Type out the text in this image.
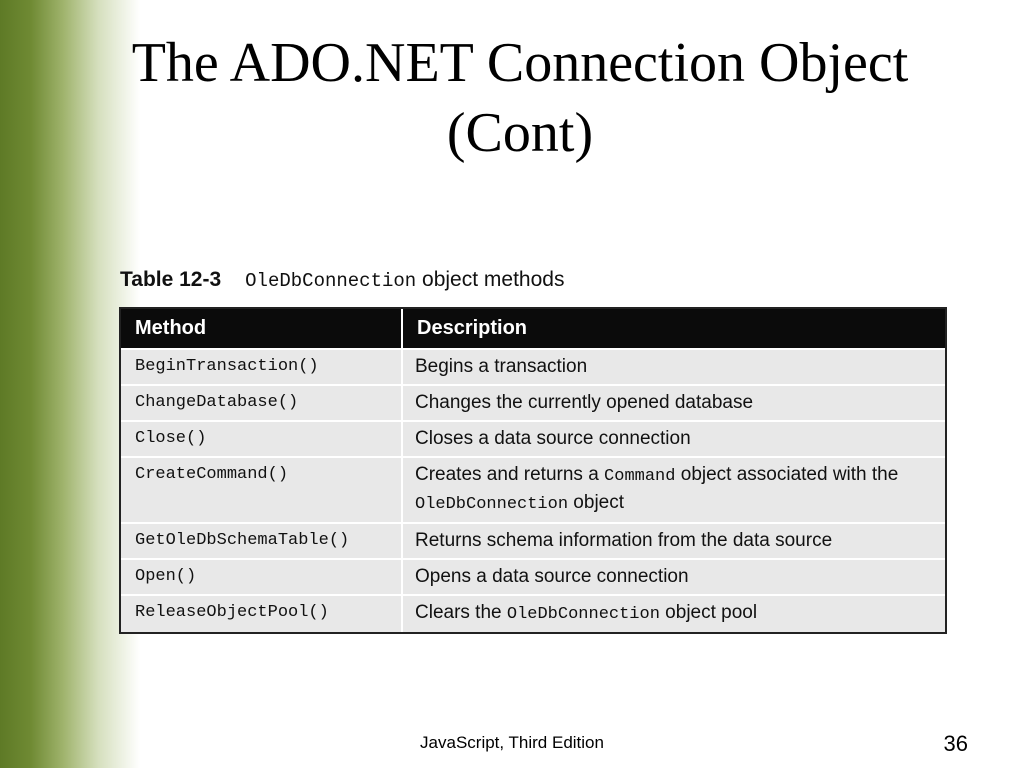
The ADO.NET Connection Object
(Cont)
Table 12-3 OleDbConnection object methods
Method	Description
BeginTransaction()	Begins a transaction
ChangeDatabase()	Changes the currently opened database
Close()	Closes a data source connection
CreateCommand()	Creates and returns a Command object associated with the OleDbConnection object
GetOleDbSchemaTable()	Returns schema information from the data source
Open()	Opens a data source connection
ReleaseObjectPool()	Clears the OleDbConnection object pool
JavaScript, Third Edition	36
